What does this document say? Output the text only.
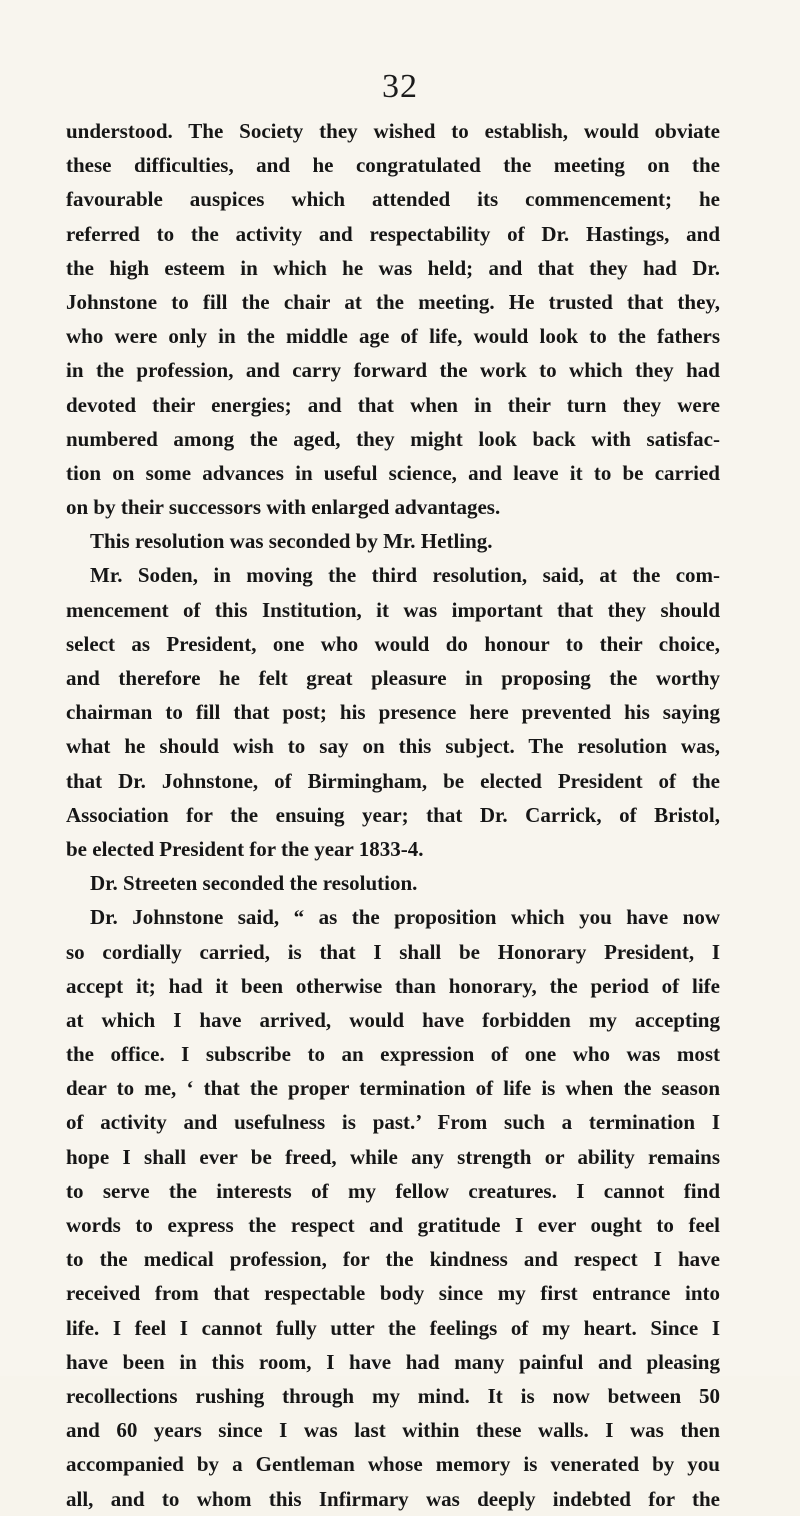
32
understood. The Society they wished to establish, would obviate
these difficulties, and he congratulated the meeting on the
favourable auspices which attended its commencement; he
referred to the activity and respectability of Dr. Hastings, and
the high esteem in which he was held; and that they had Dr.
Johnstone to fill the chair at the meeting. He trusted that they,
who were only in the middle age of life, would look to the fathers
in the profession, and carry forward the work to which they had
devoted their energies; and that when in their turn they were
numbered among the aged, they might look back with satisfac-
tion on some advances in useful science, and leave it to be carried
on by their successors with enlarged advantages.
This resolution was seconded by Mr. Hetling.
Mr. Soden, in moving the third resolution, said, at the com-
mencement of this Institution, it was important that they should
select as President, one who would do honour to their choice,
and therefore he felt great pleasure in proposing the worthy
chairman to fill that post; his presence here prevented his saying
what he should wish to say on this subject. The resolution was,
that Dr. Johnstone, of Birmingham, be elected President of the
Association for the ensuing year; that Dr. Carrick, of Bristol,
be elected President for the year 1833-4.
Dr. Streeten seconded the resolution.
Dr. Johnstone said, “ as the proposition which you have now
so cordially carried, is that I shall be Honorary President, I
accept it; had it been otherwise than honorary, the period of life
at which I have arrived, would have forbidden my accepting
the office. I subscribe to an expression of one who was most
dear to me, ‘ that the proper termination of life is when the season
of activity and usefulness is past.’ From such a termination I
hope I shall ever be freed, while any strength or ability remains
to serve the interests of my fellow creatures. I cannot find
words to express the respect and gratitude I ever ought to feel
to the medical profession, for the kindness and respect I have
received from that respectable body since my first entrance into
life. I feel I cannot fully utter the feelings of my heart. Since I
have been in this room, I have had many painful and pleasing
recollections rushing through my mind. It is now between 50
and 60 years since I was last within these walls. I was then
accompanied by a Gentleman whose memory is venerated by you
all, and to whom this Infirmary was deeply indebted for the
